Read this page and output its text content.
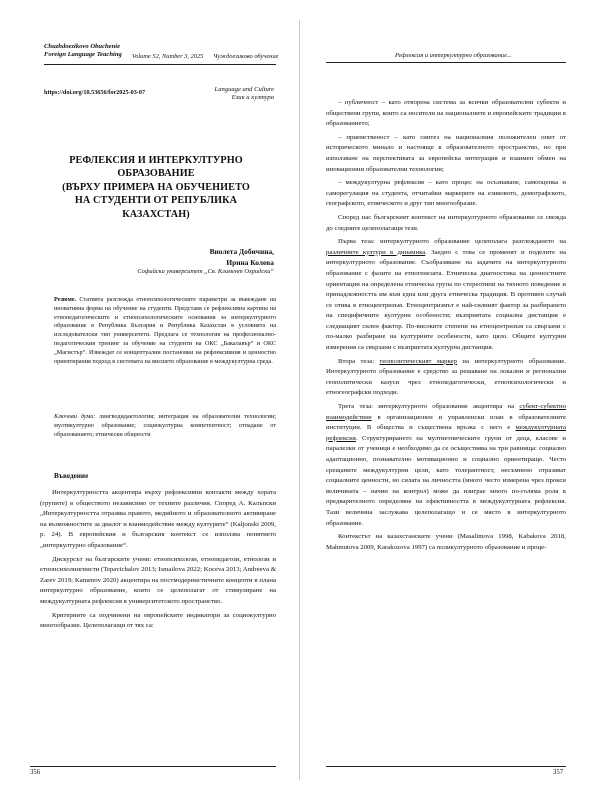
Chuzhdoezikovo Obuchenie
Foreign Language Teaching Volume 52, Number 3, 2025 Чуждоезиково обучение
https://doi.org/10.53656/for2025-03-07	Language and Culture
Език и култура
РЕФЛЕКСИЯ И ИНТЕРКУЛТУРНО ОБРАЗОВАНИЕ
(ВЪРХУ ПРИМЕРА НА ОБУЧЕНИЕТО
НА СТУДЕНТИ ОТ РЕПУБЛИКА КАЗАХСТАН)
Виолета Добичина,
Ирина Колева
Софийски университет „Св. Климент Охридски“
Резюме. Статията разглежда етнопсихологическите параметри за въвеждане на иновативна форма на обучение на студенти. Представя се рефлексивна картина на етнопедагогическите и етнопсихологическите основания за интеркултурното образование в Република България и Република Казахстан в условията на изследователски тип университети. Предлага се технология на професионално-педагогическия тренинг за обучение на студенти на ОКС „Бакалавър“ и ОКС „Магистър“. Извеждат се концептуални постановки на рефлексивния и ценностно ориентирания подход в системата на висшето образование в междукултурна среда.
Ключови думи: лингводидактология; интеграция на образователни технологии; мултикултурно образование; социокултурна компетентност; отпадане от образованието; етнически общности
Въведение

Интеркултурността акцентира върху рефлексивни контакти между хората (групите) в обществото независимо от техните различия. Според А. Калъпски „Интеркултурността отразява правото, медийното и образователното активиране на възможностите за диалог и взаимодействие между културите“ (Kaljonski 2009, p. 24). В европейския и българския контекст се използва понятието „интеркултурно образование“.

Дискурсът на българските учени: етнопсихолози, етнопедагози, етнолози и етнопсихолингвисти (Tepavichalov 2013; Ismailova 2022; Koceva 2013; Andreeva & Zarev 2019; Kamenov 2020) акцентира на постмодернистичните концепти в плана интеркултурно образование, които се целеполагат от стимулиране на междукултурната рефлексия в университетското пространство.

Критериите са подчинени на европейските индикатори за социокултурно многообразие. Целеполагащи от тях са:

356
Рефлексия и интеркултурно образование...

– публичност – като отворена система за всички образователни субекти и обществени групи, които са носители на националните и европейските традиции в образованието;

– приемственост – като синтез на националния положителен опит от историческото минало и настояще в образователното пространство, но при използване на перспективата за европейска интеграция и взаимен обмен на иновационни образователни технологии;

– междукултурна рефлексия – като процес на осъзнаване, самооценка и саморегулация на студента, отчитайки маркерите на езиковото, демографското, географското, етническото и друг тип многообразие.

Според нас българският контекст на интеркултурното образование се свежда до следните целеполагащи тези.

Първа теза: интеркултурното образование целеполага разглеждането на различните култури в динамика. Заедно с това се променят и поделите на интеркултурното образование. Съобразяване на задачите на интеркултурното образование с фазите на етногенезата. Етническа диагностика на ценностните ориентации на определена етническа група по стереотипи на тяхното поведение и принадлежността им към една или друга етническа традиция. В противен случай се отива в етноцентризъм. Етноцентризмът е най-силният фактор за разбирането на специфичните културни особености; възприятата социална дистанция е следващият силен фактор. По-високите степени на етноцентризъм са свързани с по-малко разбиране на културните особености, като цяло. Общите културни измерения са свързани с възприетата културна дистанция.

Втора теза: геополитическият маркер на интеркултурното образование. Интеркултурното образование е средство за решаване на локални и регионални геополитически казуси чрез етнопедагогически, етнопсихологически и етногеографски подходи.

Трета теза: интеркултурното образование акцентира на субект-субектно взаимодействие в организационен и управленски план в образователните институции. В общества и съществена връзка с него е междукултурната рефлексия. Структурирането на мултиетническите групи от деца, класове и паралелки от ученици е необходимо да се осъществява на три равнища: социално адаптационно, познавателно мотивационно и социално ориентиращо. Често срещаните междукултурни цели, като толерантност, несъмнено отразяват социалните ценности, но силата на личността (много често измерена чрез прокси величината – начин на контрол) може да изиграе много по-голяма роля в предварителното определяне на ефективността в междукултурната рефлексия. Тази величина заслужава целеполагащо и се място в интеркултурното образование.

Контекстът на казахстанските учени (Masalimova 1998, Kabakova 2018, Mahmutova 2009, Karakozova 1997) са поликултурното образование и проце-

357
